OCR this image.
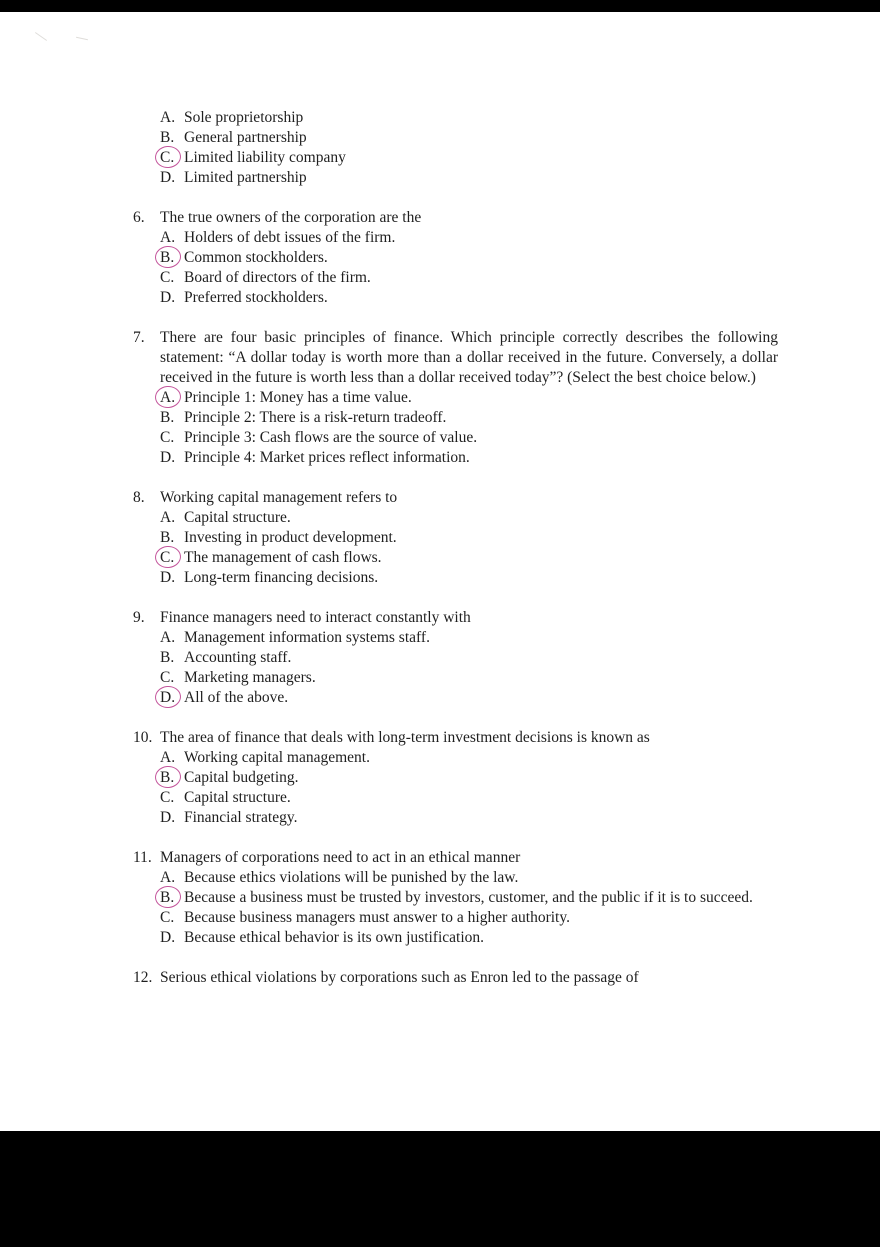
A. Sole proprietorship
B. General partnership
C. Limited liability company
D. Limited partnership
6. The true owners of the corporation are the
A. Holders of debt issues of the firm.
B. Common stockholders.
C. Board of directors of the firm.
D. Preferred stockholders.
7. There are four basic principles of finance. Which principle correctly describes the following statement: “A dollar today is worth more than a dollar received in the future. Conversely, a dollar received in the future is worth less than a dollar received today”? (Select the best choice below.)
A. Principle 1: Money has a time value.
B. Principle 2: There is a risk-return tradeoff.
C. Principle 3: Cash flows are the source of value.
D. Principle 4: Market prices reflect information.
8. Working capital management refers to
A. Capital structure.
B. Investing in product development.
C. The management of cash flows.
D. Long-term financing decisions.
9. Finance managers need to interact constantly with
A. Management information systems staff.
B. Accounting staff.
C. Marketing managers.
D. All of the above.
10. The area of finance that deals with long-term investment decisions is known as
A. Working capital management.
B. Capital budgeting.
C. Capital structure.
D. Financial strategy.
11. Managers of corporations need to act in an ethical manner
A. Because ethics violations will be punished by the law.
B. Because a business must be trusted by investors, customer, and the public if it is to succeed.
C. Because business managers must answer to a higher authority.
D. Because ethical behavior is its own justification.
12. Serious ethical violations by corporations such as Enron led to the passage of
